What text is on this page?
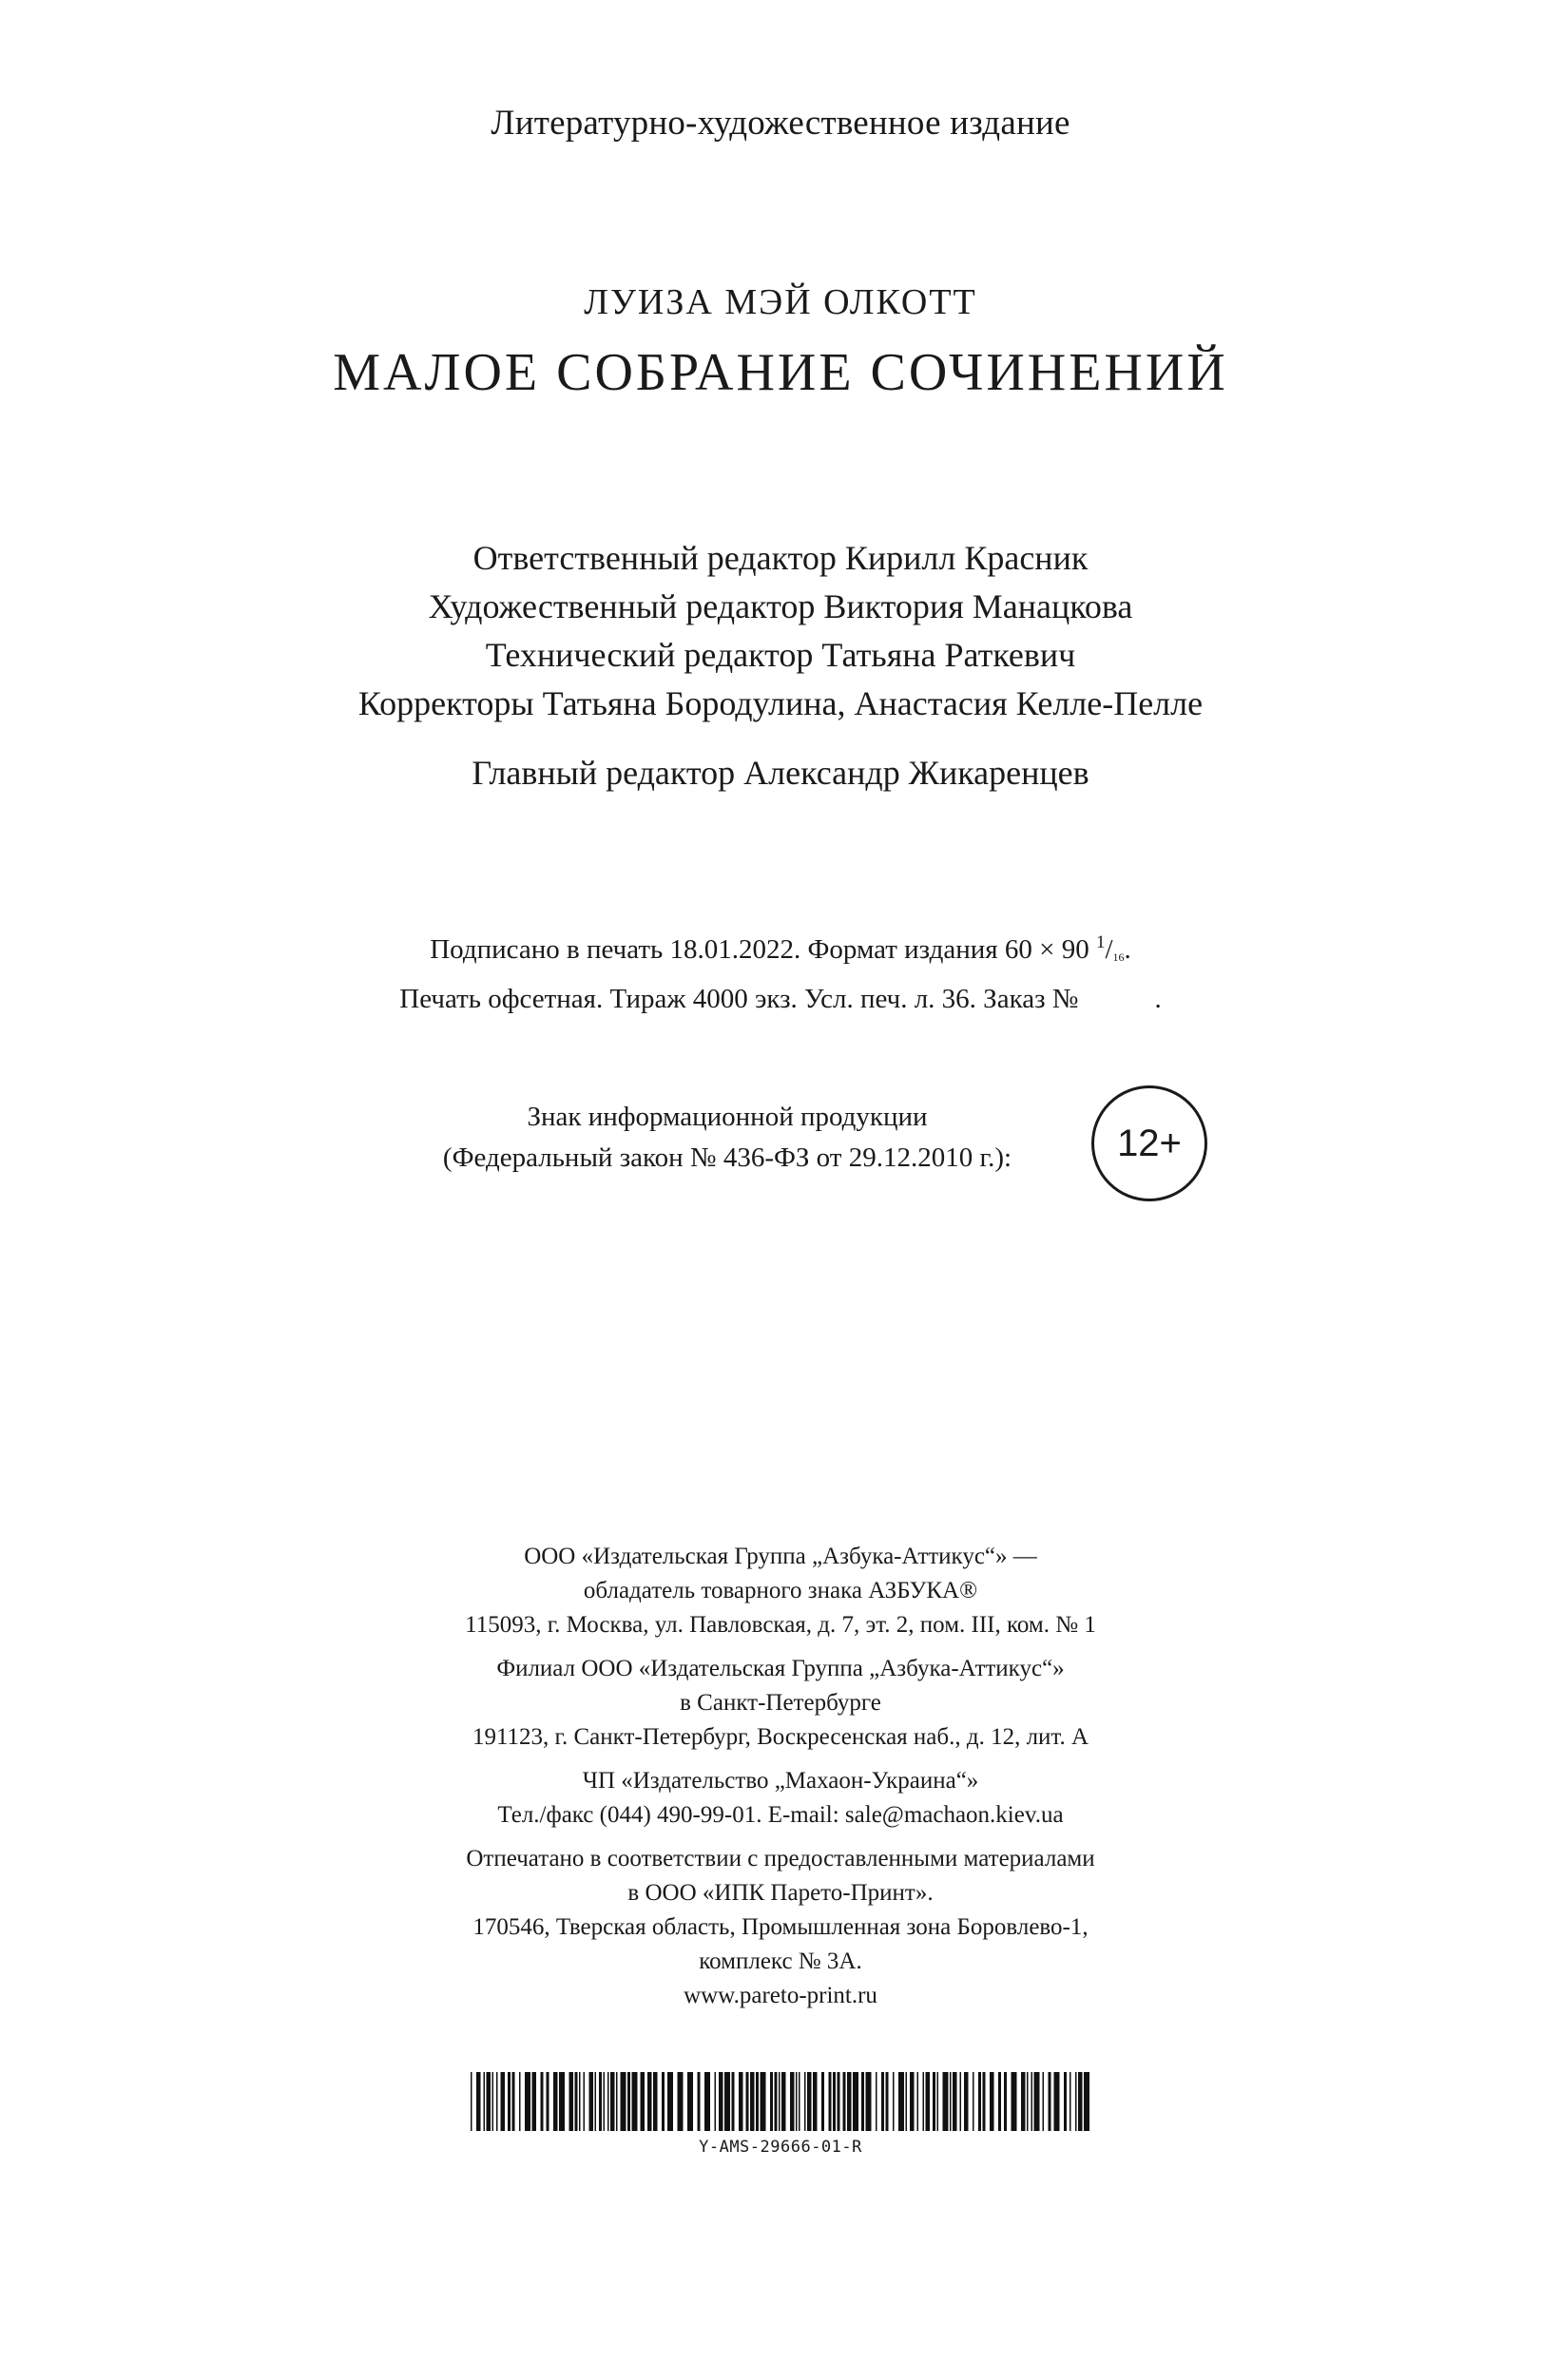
Литературно-художественное издание
ЛУИЗА МЭЙ ОЛКОТТ
МАЛОЕ СОБРАНИЕ СОЧИНЕНИЙ
Ответственный редактор Кирилл Красник
Художественный редактор Виктория Манацкова
Технический редактор Татьяна Раткевич
Корректоры Татьяна Бородулина, Анастасия Келле-Пелле
Главный редактор Александр Жикаренцев
Подписано в печать 18.01.2022. Формат издания 60 × 90 $^1$/16.
Печать офсетная. Тираж 4000 экз. Усл. печ. л. 36. Заказ №	.
Знак информационной продукции
(Федеральный закон № 436-ФЗ от 29.12.2010 г.):	12+
ООО «Издательская Группа „Азбука-Аттикус“» —
обладатель товарного знака АЗБУКА®
115093, г. Москва, ул. Павловская, д. 7, эт. 2, пом. III, ком. № 1
Филиал ООО «Издательская Группа „Азбука-Аттикус“»
в Санкт-Петербурге
191123, г. Санкт-Петербург, Воскресенская наб., д. 12, лит. А
ЧП «Издательство „Махаон-Украина“»
Тел./факс (044) 490-99-01. E-mail: sale@machaon.kiev.ua
Отпечатано в соответствии с предоставленными материалами
в ООО «ИПК Парето-Принт».
170546, Тверская область, Промышленная зона Боровлево-1,
комплекс № 3А.
www.pareto-print.ru
Y-AMS-29666-01-R
